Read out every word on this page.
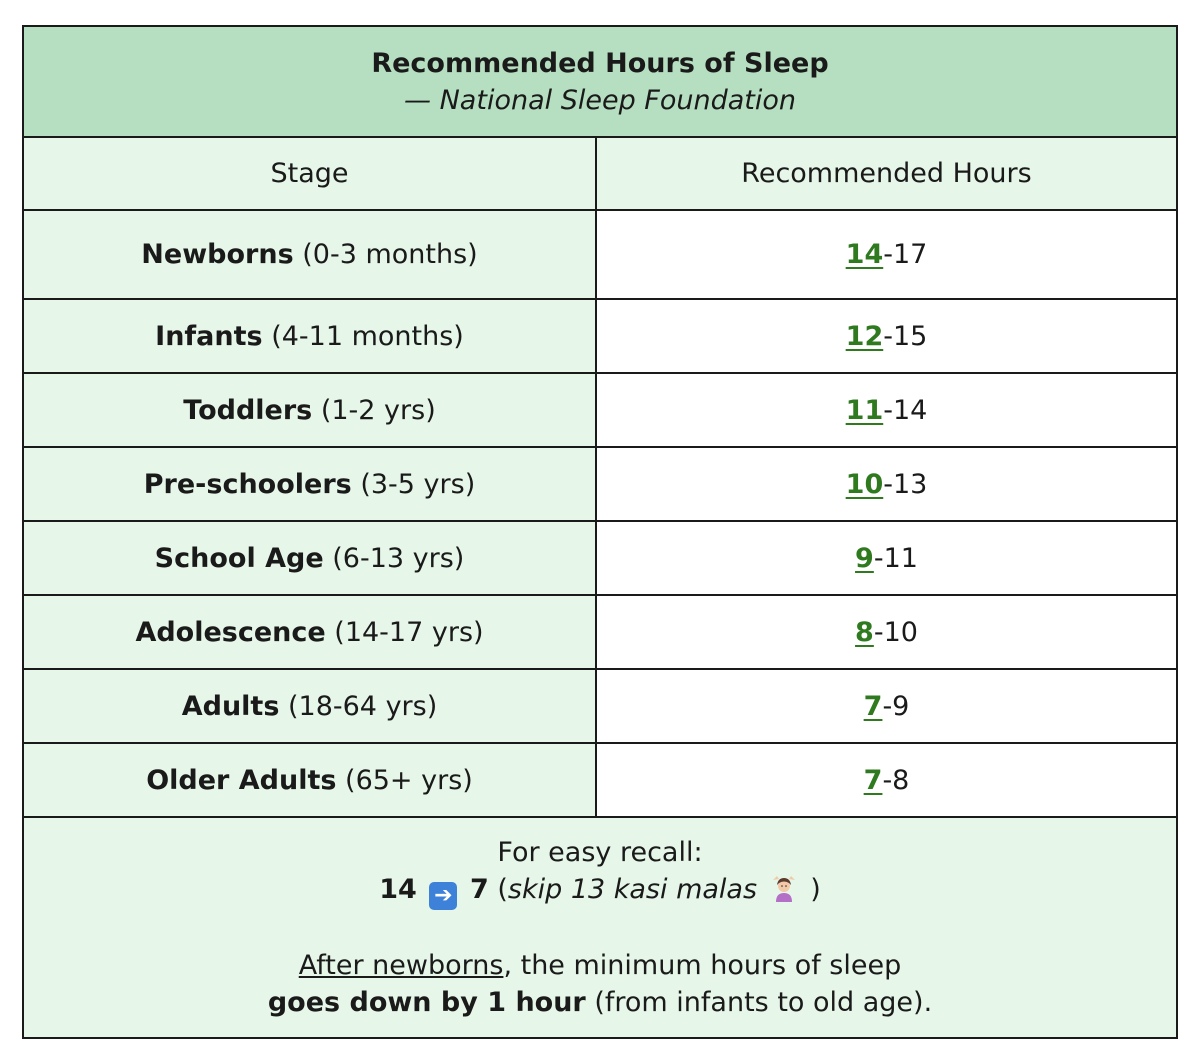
Recommended Hours of Sleep
— National Sleep Foundation
Stage	Recommended Hours
Newborns
(0-3 months)	14 -17
Infants
(4-11 months)	12 -15
Toddlers
(1-2 yrs)	11 -14
Pre-schoolers
(3-5 yrs)	10 -13
School Age
(6-13 yrs)	9 -11
Adolescence
(14-17 yrs)	8 -10
Adults
(18-64 yrs)	7 -9
Older Adults
(65+ yrs)	7 -8
For easy recall:
14 ➔ 7 (skip 13 kasi malas )
After newborns, the minimum hours of sleep
goes down by 1 hour (from infants to old age).
